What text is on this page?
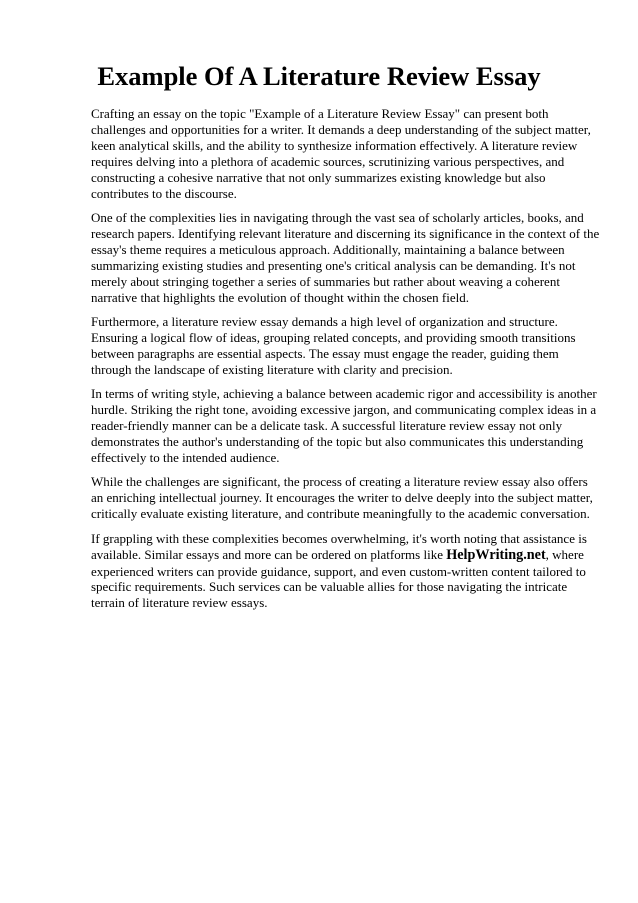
Example Of A Literature Review Essay

Crafting an essay on the topic "Example of a Literature Review Essay" can present both challenges and opportunities for a writer. It demands a deep understanding of the subject matter, keen analytical skills, and the ability to synthesize information effectively. A literature review requires delving into a plethora of academic sources, scrutinizing various perspectives, and constructing a cohesive narrative that not only summarizes existing knowledge but also contributes to the discourse.

One of the complexities lies in navigating through the vast sea of scholarly articles, books, and research papers. Identifying relevant literature and discerning its significance in the context of the essay's theme requires a meticulous approach. Additionally, maintaining a balance between summarizing existing studies and presenting one's critical analysis can be demanding. It's not merely about stringing together a series of summaries but rather about weaving a coherent narrative that highlights the evolution of thought within the chosen field.

Furthermore, a literature review essay demands a high level of organization and structure. Ensuring a logical flow of ideas, grouping related concepts, and providing smooth transitions between paragraphs are essential aspects. The essay must engage the reader, guiding them through the landscape of existing literature with clarity and precision.

In terms of writing style, achieving a balance between academic rigor and accessibility is another hurdle. Striking the right tone, avoiding excessive jargon, and communicating complex ideas in a reader-friendly manner can be a delicate task. A successful literature review essay not only demonstrates the author's understanding of the topic but also communicates this understanding effectively to the intended audience.

While the challenges are significant, the process of creating a literature review essay also offers an enriching intellectual journey. It encourages the writer to delve deeply into the subject matter, critically evaluate existing literature, and contribute meaningfully to the academic conversation.

If grappling with these complexities becomes overwhelming, it's worth noting that assistance is available. Similar essays and more can be ordered on platforms like HelpWriting.net, where experienced writers can provide guidance, support, and even custom-written content tailored to specific requirements. Such services can be valuable allies for those navigating the intricate terrain of literature review essays.
